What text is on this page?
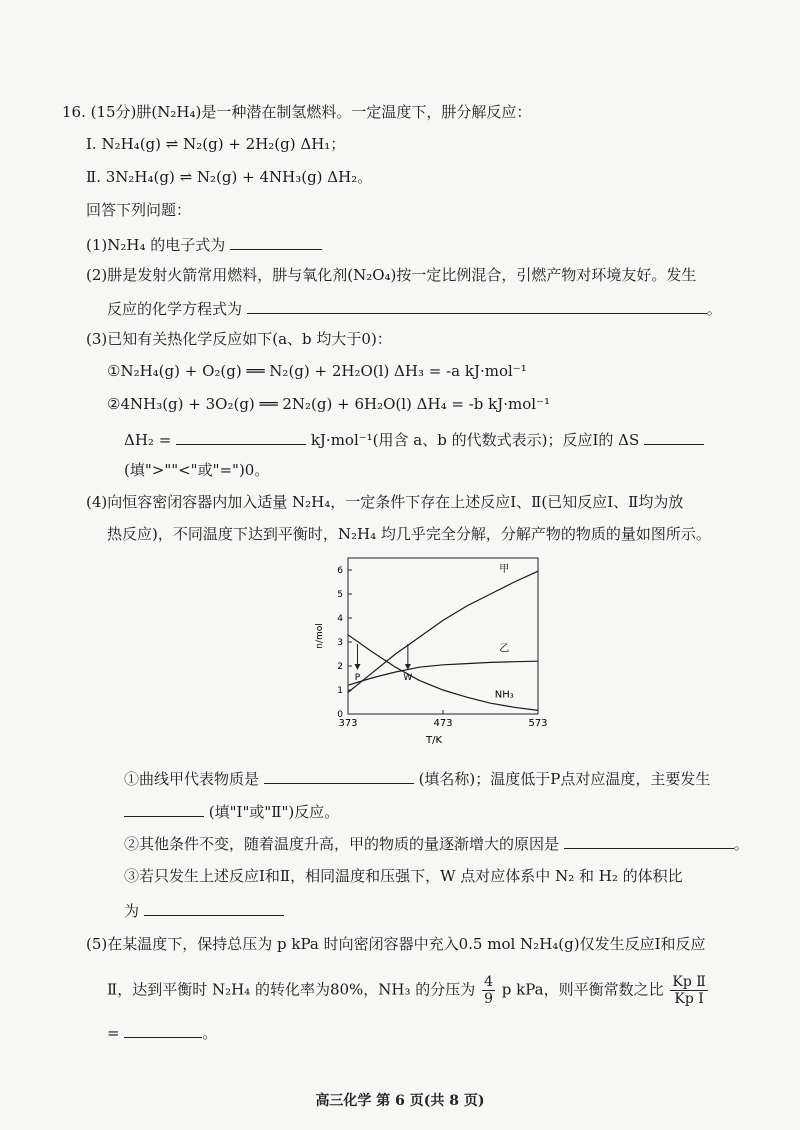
16. (15分)肼(N₂H₄)是一种潜在制氢燃料。一定温度下，肼分解反应：
Ⅰ. N₂H₄(g) ⇌ N₂(g) + 2H₂(g) ΔH₁；
Ⅱ. 3N₂H₄(g) ⇌ N₂(g) + 4NH₃(g) ΔH₂。
回答下列问题：
(1)N₂H₄ 的电子式为
(2)肼是发射火箭常用燃料，肼与氧化剂(N₂O₄)按一定比例混合，引燃产物对环境友好。发生
反应的化学方程式为	。
(3)已知有关热化学反应如下(a、b 均大于0)：
①N₂H₄(g) + O₂(g) ══ N₂(g) + 2H₂O(l) ΔH₃ = -a kJ·mol⁻¹
②4NH₃(g) + 3O₂(g) ══ 2N₂(g) + 6H₂O(l) ΔH₄ = -b kJ·mol⁻¹
ΔH₂ =	kJ·mol⁻¹(用含 a、b 的代数式表示)；反应Ⅰ的 ΔS
(填">""<"或"=")0。
(4)向恒容密闭容器内加入适量 N₂H₄，一定条件下存在上述反应Ⅰ、Ⅱ(已知反应Ⅰ、Ⅱ均为放
热反应)，不同温度下达到平衡时，N₂H₄ 均几乎完全分解，分解产物的物质的量如图所示。
0
1
2
3
4
5
6
373	473	573
甲
乙
NH₃
P	W
n/mol
T/K
①曲线甲代表物质是	(填名称)；温度低于P点对应温度，主要发生
(填"Ⅰ"或"Ⅱ")反应。
②其他条件不变，随着温度升高，甲的物质的量逐渐增大的原因是	。
③若只发生上述反应Ⅰ和Ⅱ，相同温度和压强下，W 点对应体系中 N₂ 和 H₂ 的体积比
为
(5)在某温度下，保持总压为 p kPa 时向密闭容器中充入0.5 mol N₂H₄(g)仅发生反应Ⅰ和反应
Ⅱ，达到平衡时 N₂H₄ 的转化率为80%，NH₃ 的分压为 $\frac{4}{9}$ p kPa，则平衡常数之比 $\frac{\text{Kp Ⅱ}}{\text{Kp Ⅰ}}$
=	。
高三化学 第 6 页(共 8 页)
